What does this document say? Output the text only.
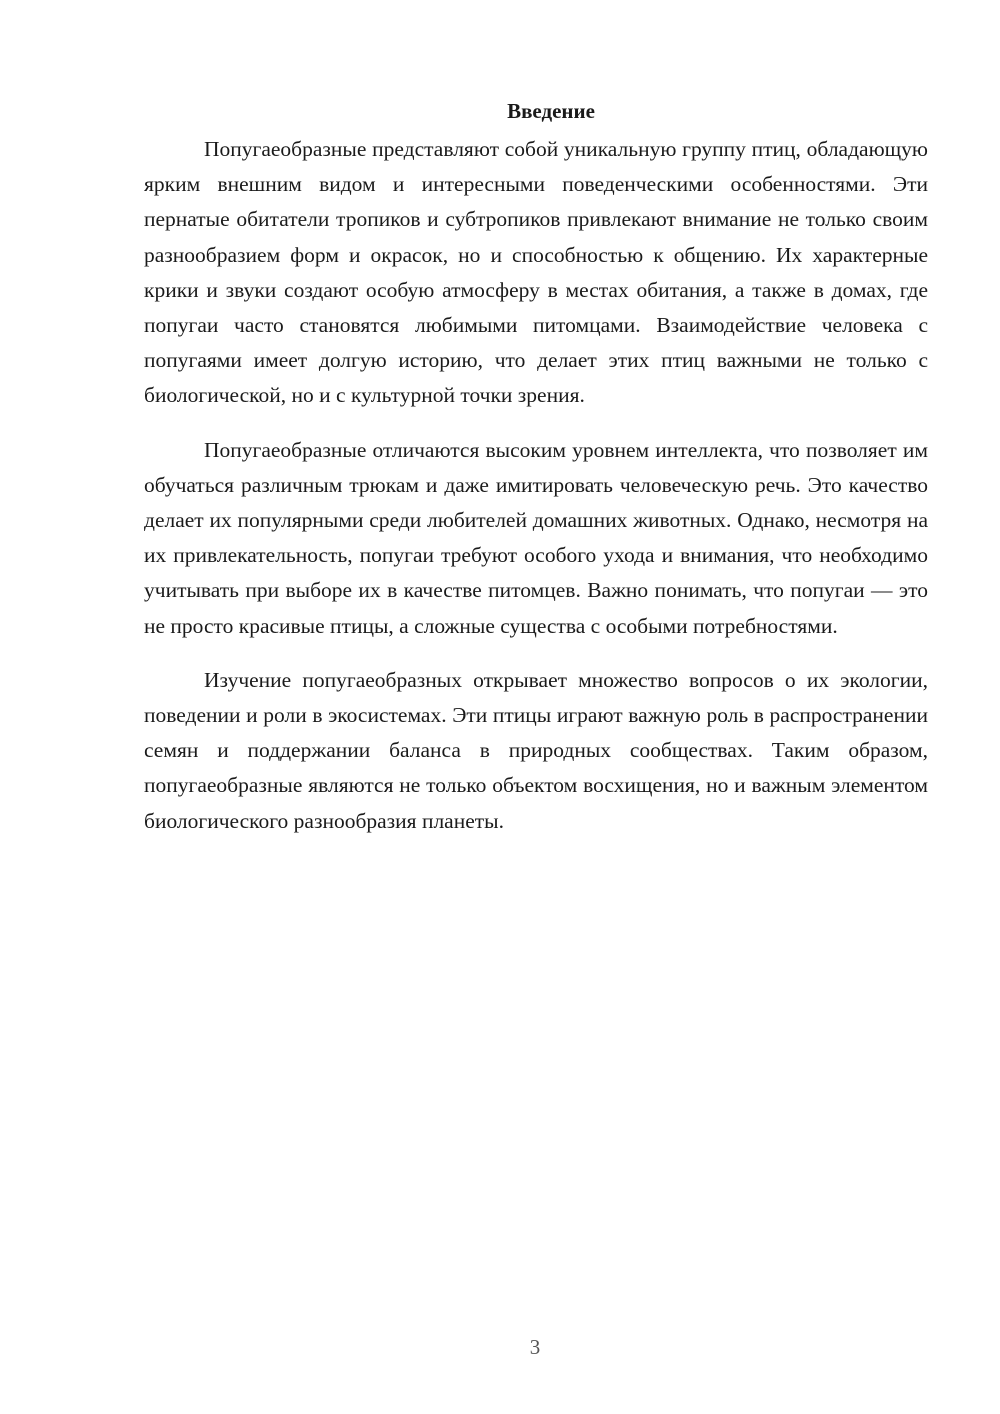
Введение

Попугаеобразные представляют собой уникальную группу птиц, обладающую ярким внешним видом и интересными поведенческими особенностями. Эти пернатые обитатели тропиков и субтропиков привлекают внимание не только своим разнообразием форм и окрасок, но и способностью к общению. Их характерные крики и звуки создают особую атмосферу в местах обитания, а также в домах, где попугаи часто становятся любимыми питомцами. Взаимодействие человека с попугаями имеет долгую историю, что делает этих птиц важными не только с биологической, но и с культурной точки зрения.

Попугаеобразные отличаются высоким уровнем интеллекта, что позволяет им обучаться различным трюкам и даже имитировать человеческую речь. Это качество делает их популярными среди любителей домашних животных. Однако, несмотря на их привлекательность, попугаи требуют особого ухода и внимания, что необходимо учитывать при выборе их в качестве питомцев. Важно понимать, что попугаи — это не просто красивые птицы, а сложные существа с особыми потребностями.

Изучение попугаеобразных открывает множество вопросов о их экологии, поведении и роли в экосистемах. Эти птицы играют важную роль в распространении семян и поддержании баланса в природных сообществах. Таким образом, попугаеобразные являются не только объектом восхищения, но и важным элементом биологического разнообразия планеты.

3
